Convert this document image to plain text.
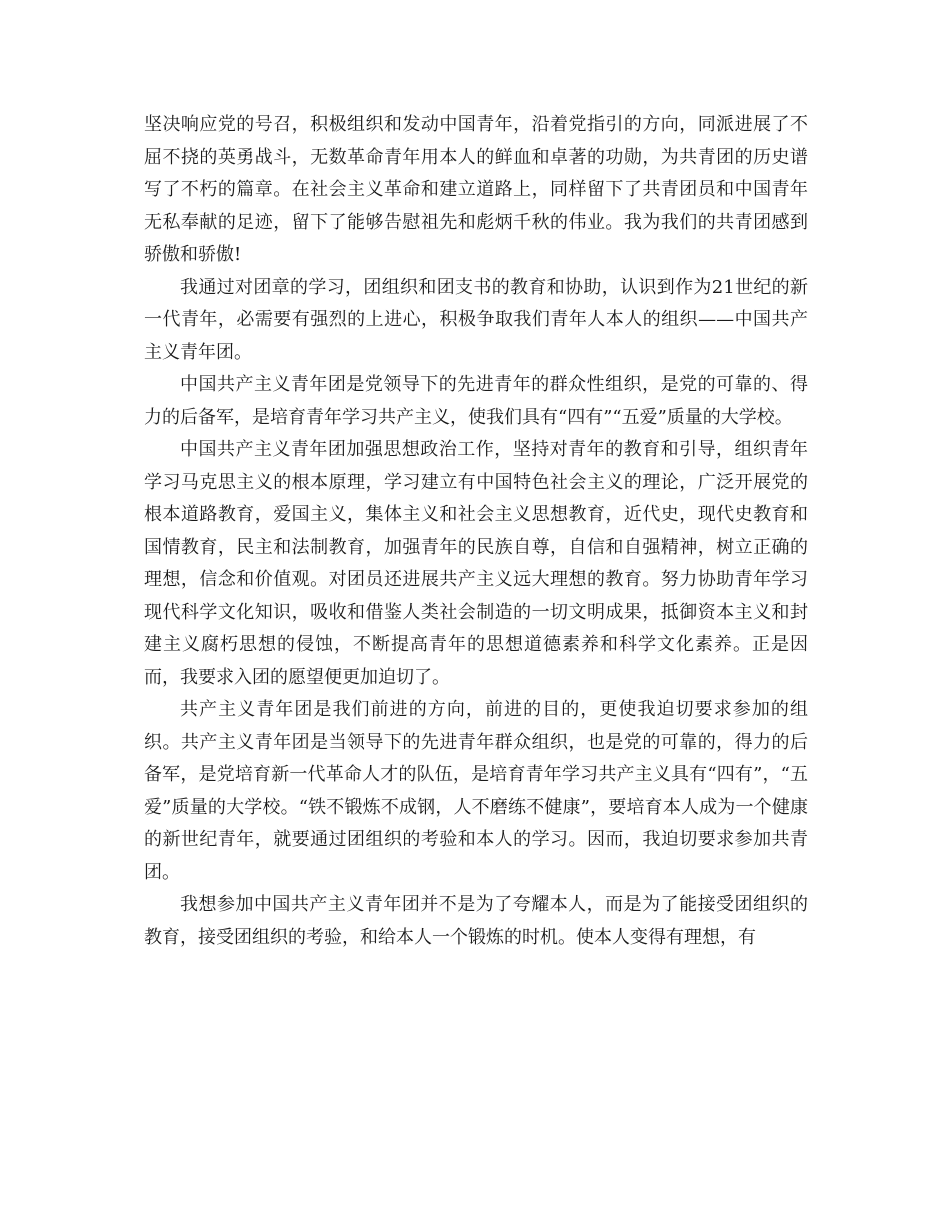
坚决响应党的号召，积极组织和发动中国青年，沿着党指引的方向，同派进展了不屈不挠的英勇战斗，无数革命青年用本人的鲜血和卓著的功勋，为共青团的历史谱写了不朽的篇章。在社会主义革命和建立道路上，同样留下了共青团员和中国青年无私奉献的足迹，留下了能够告慰祖先和彪炳千秋的伟业。我为我们的共青团感到骄傲和骄傲!

我通过对团章的学习，团组织和团支书的教育和协助，认识到作为21世纪的新一代青年，必需要有强烈的上进心，积极争取我们青年人本人的组织——中国共产主义青年团。

中国共产主义青年团是党领导下的先进青年的群众性组织，是党的可靠的、得力的后备军，是培育青年学习共产主义，使我们具有“四有”“五爱”质量的大学校。

中国共产主义青年团加强思想政治工作，坚持对青年的教育和引导，组织青年学习马克思主义的根本原理，学习建立有中国特色社会主义的理论，广泛开展党的根本道路教育，爱国主义，集体主义和社会主义思想教育，近代史，现代史教育和国情教育，民主和法制教育，加强青年的民族自尊，自信和自强精神，树立正确的理想，信念和价值观。对团员还进展共产主义远大理想的教育。努力协助青年学习现代科学文化知识，吸收和借鉴人类社会制造的一切文明成果，抵御资本主义和封建主义腐朽思想的侵蚀，不断提高青年的思想道德素养和科学文化素养。正是因而，我要求入团的愿望便更加迫切了。

共产主义青年团是我们前进的方向，前进的目的，更使我迫切要求参加的组织。共产主义青年团是当领导下的先进青年群众组织，也是党的可靠的，得力的后备军，是党培育新一代革命人才的队伍，是培育青年学习共产主义具有“四有”，“五爱”质量的大学校。“铁不锻炼不成钢，人不磨练不健康”，要培育本人成为一个健康的新世纪青年，就要通过团组织的考验和本人的学习。因而，我迫切要求参加共青团。

我想参加中国共产主义青年团并不是为了夸耀本人，而是为了能接受团组织的教育，接受团组织的考验，和给本人一个锻炼的时机。使本人变得有理想，有
